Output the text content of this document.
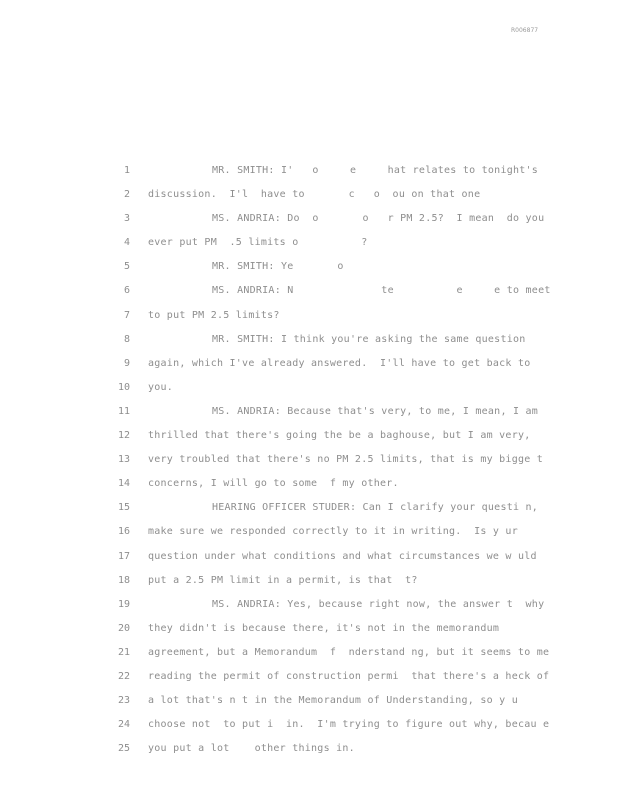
R006877
1	MR. SMITH: I'   o     e     hat relates to tonight's
2 discussion.  I'l  have to       c   o  ou on that one
3	MS. ANDRIA: Do  o       o   r PM 2.5?  I mean  do you
4 ever put PM  .5 limits o          ?
5	MR. SMITH: Ye       o
6	MS. ANDRIA: N              te          e     e to meet
7 to put PM 2.5 limits?
8	MR. SMITH: I think you're asking the same question
9 again, which I've already answered.  I'll have to get back to
10 you.
11	MS. ANDRIA: Because that's very, to me, I mean, I am
12 thrilled that there's going the be a baghouse, but I am very,
13 very troubled that there's no PM 2.5 limits, that is my bigge t
14 concerns, I will go to some  f my other.
15	HEARING OFFICER STUDER: Can I clarify your questi n,
16 make sure we responded correctly to it in writing.  Is y ur
17 question under what conditions and what circumstances we w uld
18 put a 2.5 PM limit in a permit, is that  t?
19	MS. ANDRIA: Yes, because right now, the answer t  why
20 they didn't is because there, it's not in the memorandum
21 agreement, but a Memorandum  f  nderstand ng, but it seems to me
22 reading the permit of construction permi  that there's a heck of
23 a lot that's n t in the Memorandum of Understanding, so y u
24 choose not  to put i  in.  I'm trying to figure out why, becau e
25 you put a lot    other things in.
